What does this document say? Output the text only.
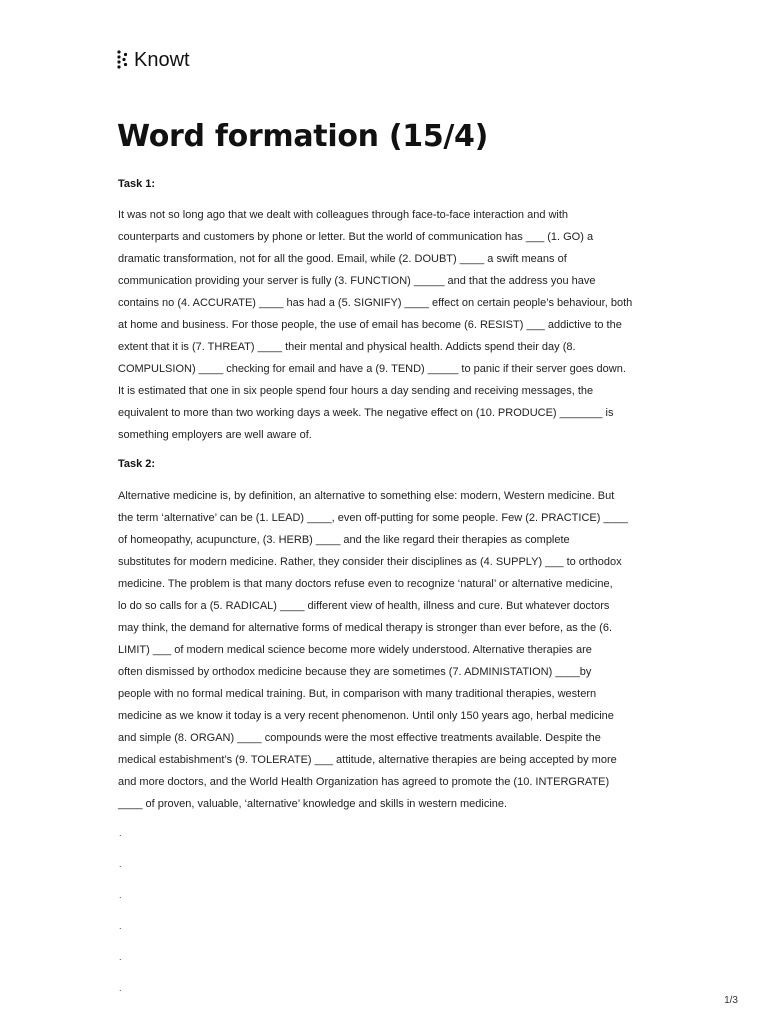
Knowt
Word formation (15/4)
Task 1:

It was not so long ago that we dealt with colleagues through face-to-face interaction and with
counterparts and customers by phone or letter. But the world of communication has ___ (1. GO) a
dramatic transformation, not for all the good. Email, while (2. DOUBT) ____ a swift means of
communication providing your server is fully (3. FUNCTION) _____ and that the address you have
contains no (4. ACCURATE) ____ has had a (5. SIGNIFY) ____ effect on certain people’s behaviour, both
at home and business. For those people, the use of email has become (6. RESIST) ___ addictive to the
extent that it is (7. THREAT) ____ their mental and physical health. Addicts spend their day (8.
COMPULSION) ____ checking for email and have a (9. TEND) _____ to panic if their server goes down.
It is estimated that one in six people spend four hours a day sending and receiving messages, the
equivalent to more than two working days a week. The negative effect on (10. PRODUCE) _______ is
something employers are well aware of.

Task 2:

Alternative medicine is, by definition, an alternative to something else: modern, Western medicine. But
the term ‘alternative’ can be (1. LEAD) ____, even off-putting for some people. Few (2. PRACTICE) ____
of homeopathy, acupuncture, (3. HERB) ____ and the like regard their therapies as complete
substitutes for modern medicine. Rather, they consider their disciplines as (4. SUPPLY) ___ to orthodox
medicine. The problem is that many doctors refuse even to recognize ‘natural’ or alternative medicine,
lo do so calls for a (5. RADICAL) ____ different view of health, illness and cure. But whatever doctors
may think, the demand for alternative forms of medical therapy is stronger than ever before, as the (6.
LIMIT) ___ of modern medical science become more widely understood. Alternative therapies are
often dismissed by orthodox medicine because they are sometimes (7. ADMINISTATION) ____by
people with no formal medical training. But, in comparison with many traditional therapies, western
medicine as we know it today is a very recent phenomenon. Until only 150 years ago, herbal medicine
and simple (8. ORGAN) ____ compounds were the most effective treatments available. Despite the
medical estabishment’s (9. TOLERATE) ___ attitude, alternative therapies are being accepted by more
and more doctors, and the World Health Organization has agreed to promote the (10. INTERGRATE)
____ of proven, valuable, ‘alternative’ knowledge and skills in western medicine.

.
.
.
.
.
.
1/3
